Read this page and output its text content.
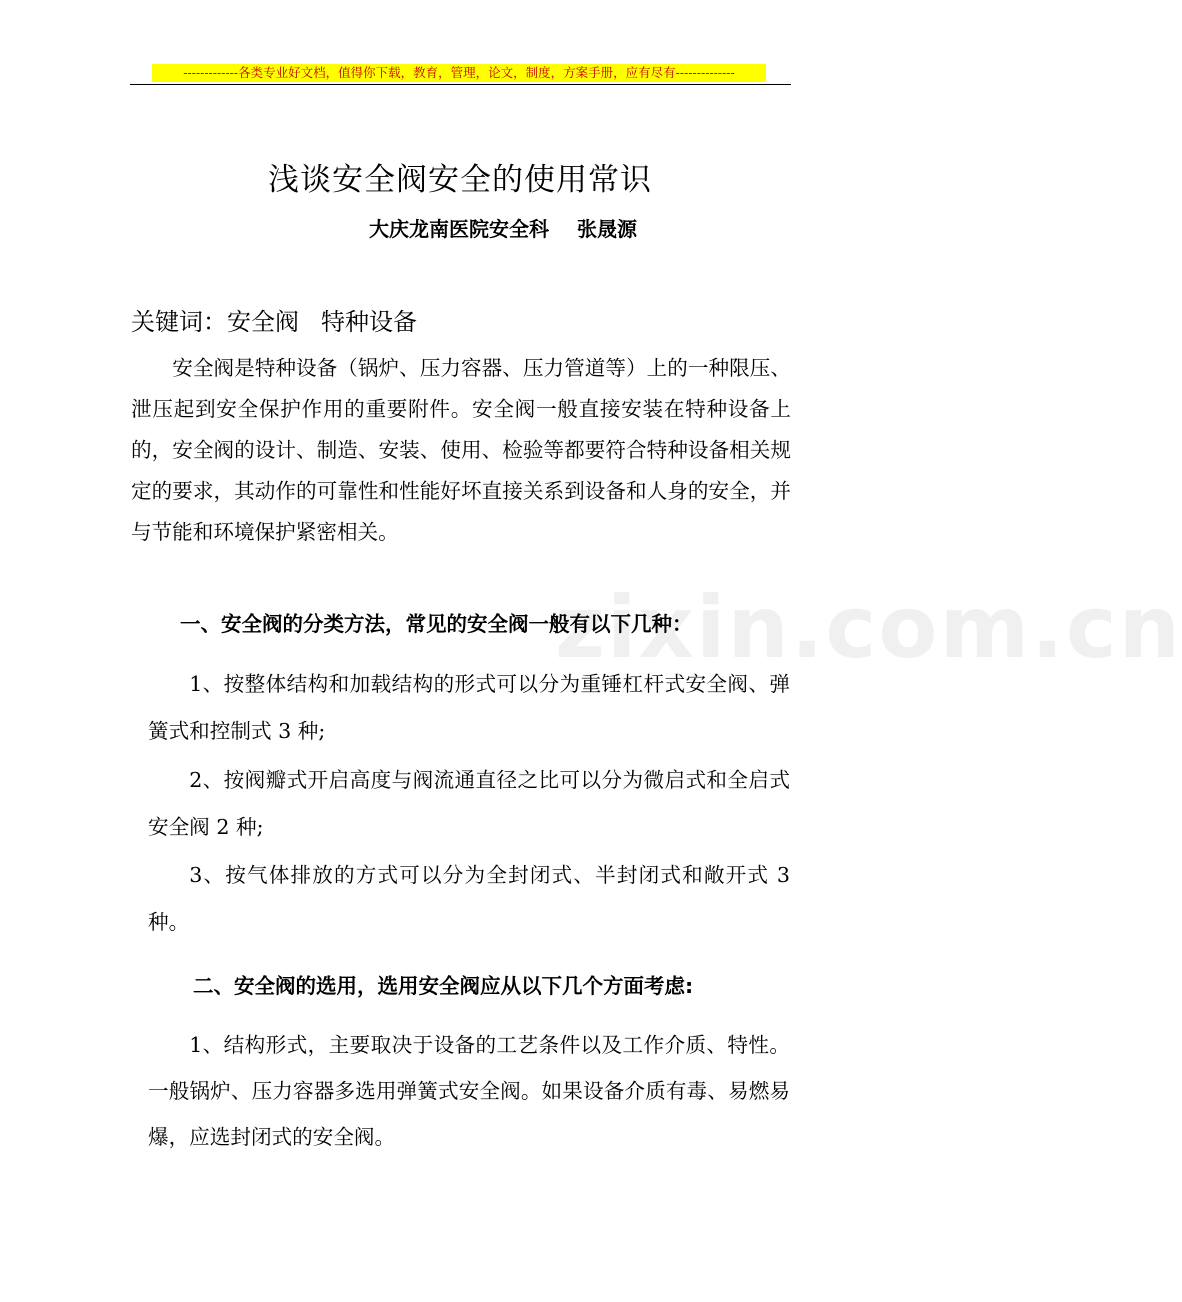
-------------各类专业好文档，值得你下载，教育，管理，论文，制度，方案手册，应有尽有--------------
zixin.com.cn
浅谈安全阀安全的使用常识
大庆龙南医院安全科 张晟源
关键词：安全阀 特种设备
安全阀是特种设备（锅炉、压力容器、压力管道等）上的一种限压、泄压起到安全保护作用的重要附件。安全阀一般直接安装在特种设备上的，安全阀的设计、制造、安装、使用、检验等都要符合特种设备相关规定的要求，其动作的可靠性和性能好坏直接关系到设备和人身的安全，并与节能和环境保护紧密相关。
一、安全阀的分类方法，常见的安全阀一般有以下几种：
1、按整体结构和加载结构的形式可以分为重锤杠杆式安全阀、弹簧式和控制式 3 种;
2、按阀瓣式开启高度与阀流通直径之比可以分为微启式和全启式安全阀 2 种;
3、按气体排放的方式可以分为全封闭式、半封闭式和敞开式 3 种。
二、安全阀的选用，选用安全阀应从以下几个方面考虑:
1、结构形式，主要取决于设备的工艺条件以及工作介质、特性。一般锅炉、压力容器多选用弹簧式安全阀。如果设备介质有毒、易燃易爆，应选封闭式的安全阀。
